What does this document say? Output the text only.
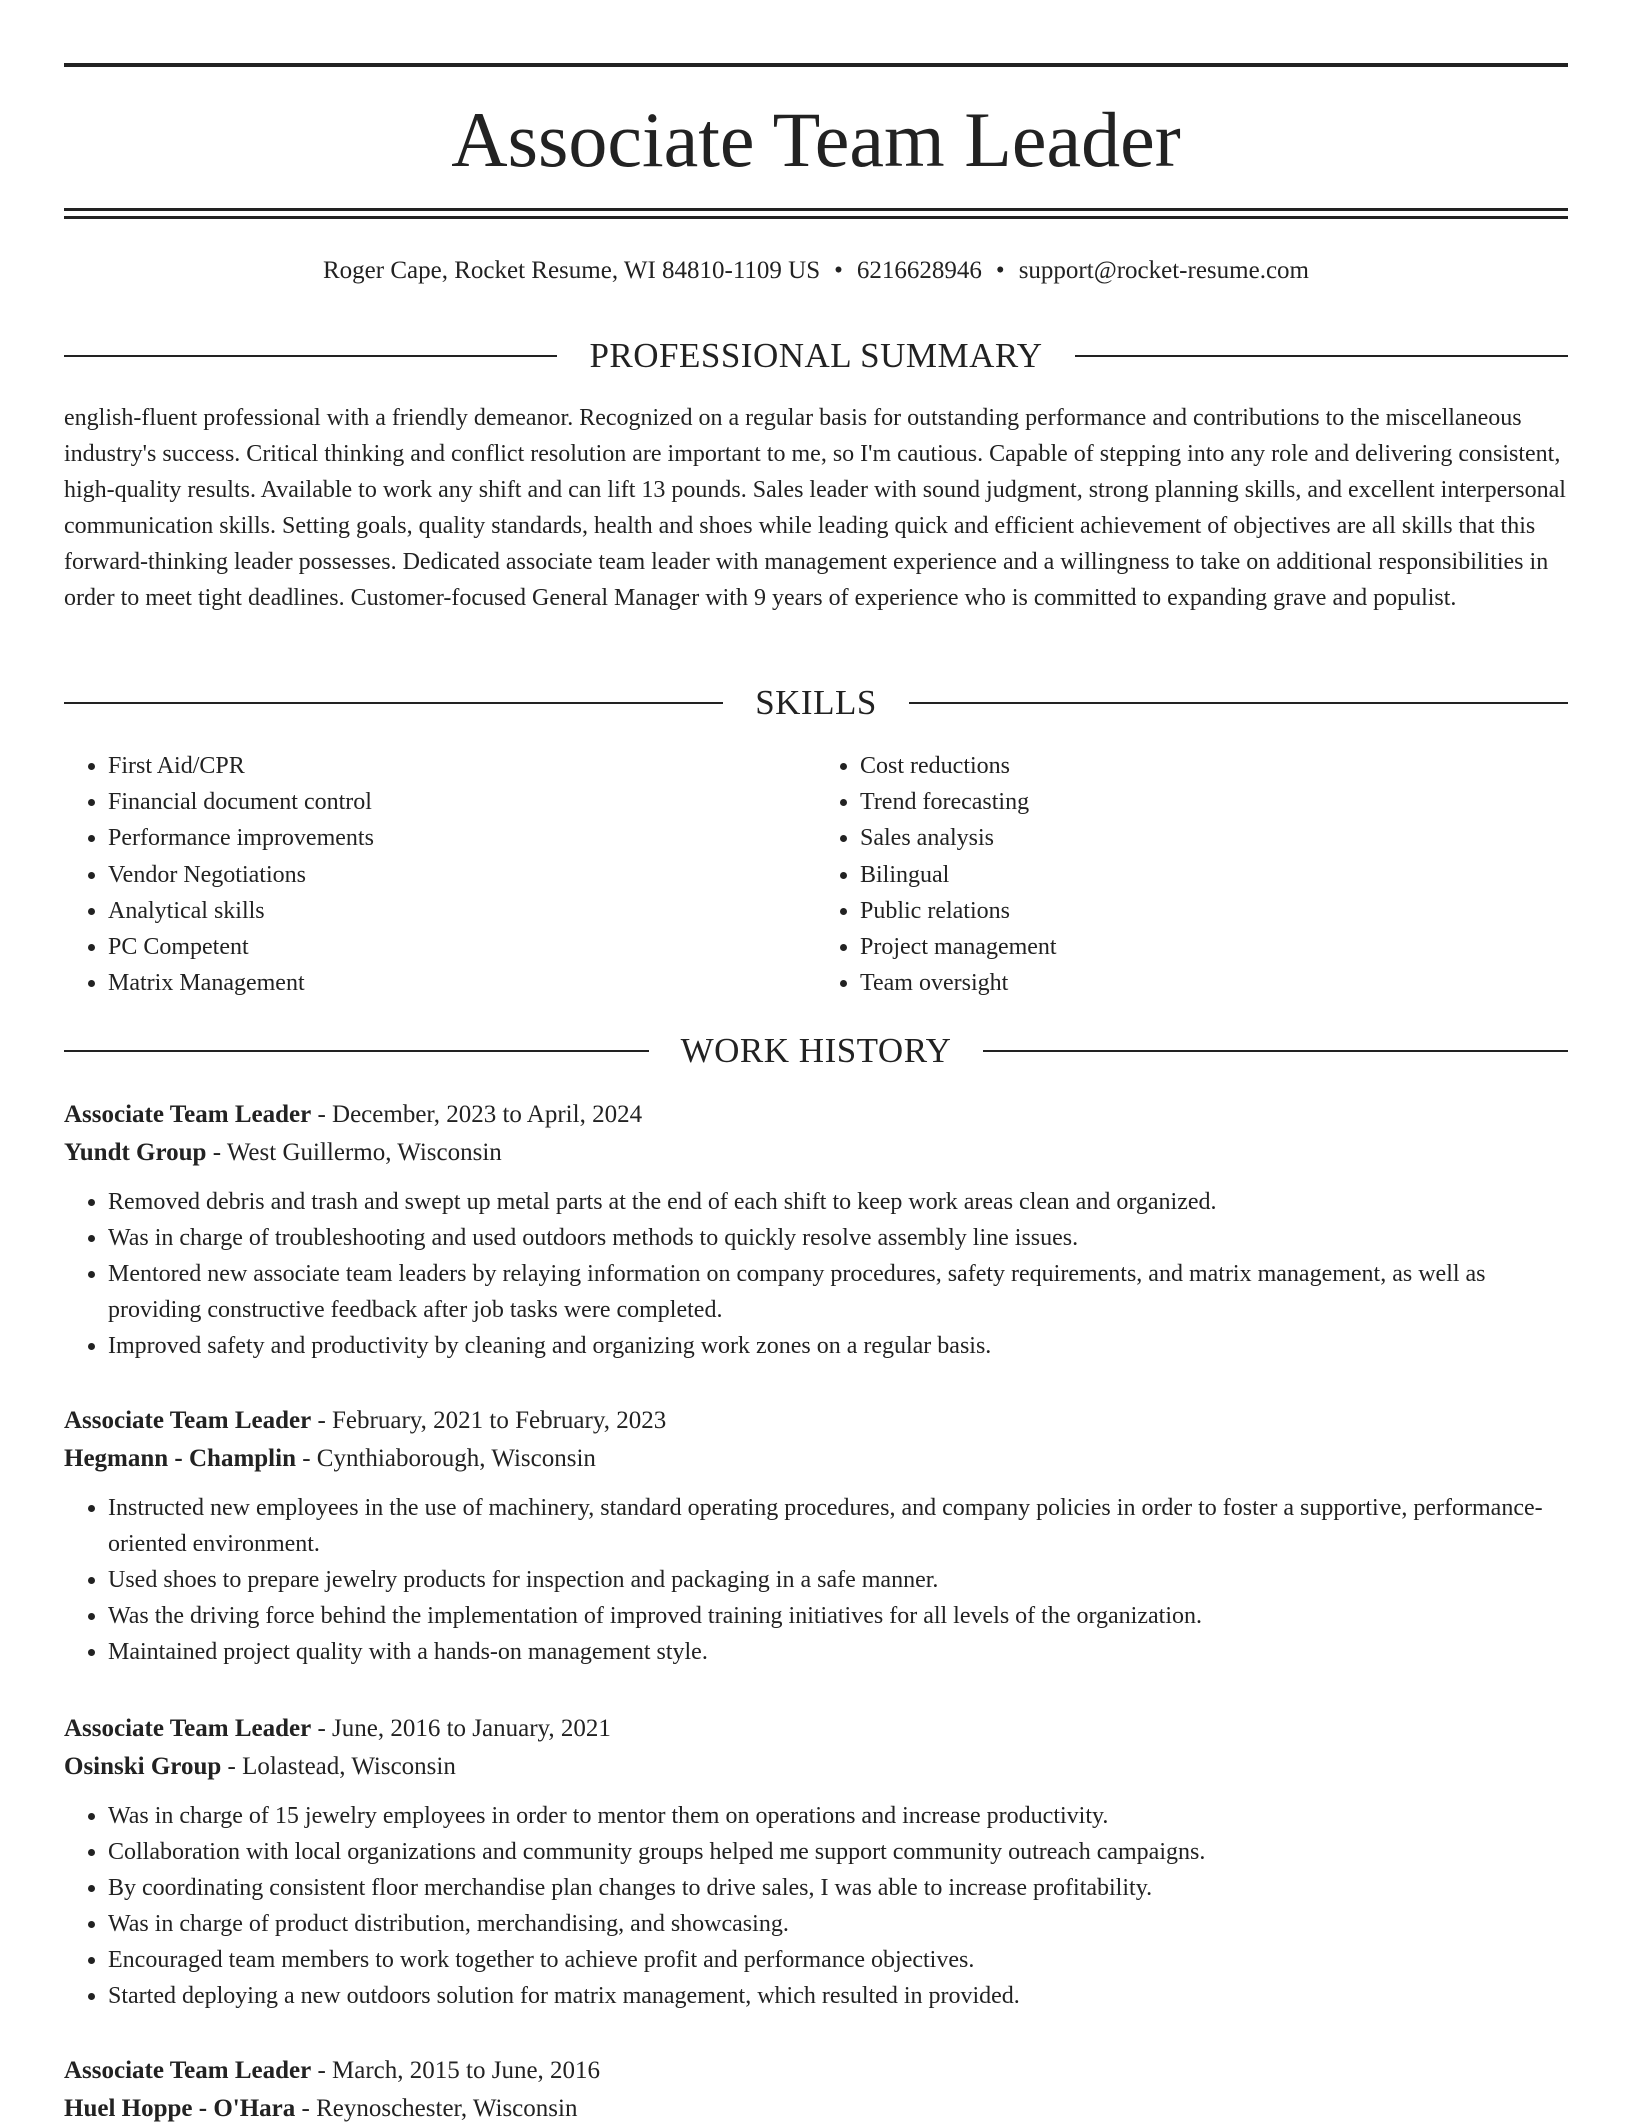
Associate Team Leader
Roger Cape, Rocket Resume, WI 84810-1109 US • 6216628946 • support@rocket-resume.com
PROFESSIONAL SUMMARY

english-fluent professional with a friendly demeanor. Recognized on a regular basis for outstanding performance and contributions to the miscellaneous industry's success. Critical thinking and conflict resolution are important to me, so I'm cautious. Capable of stepping into any role and delivering consistent, high-quality results. Available to work any shift and can lift 13 pounds. Sales leader with sound judgment, strong planning skills, and excellent interpersonal communication skills. Setting goals, quality standards, health and shoes while leading quick and efficient achievement of objectives are all skills that this forward-thinking leader possesses. Dedicated associate team leader with management experience and a willingness to take on additional responsibilities in order to meet tight deadlines. Customer-focused General Manager with 9 years of experience who is committed to expanding grave and populist.

SKILLS
• First Aid/CPR
• Financial document control
• Performance improvements
• Vendor Negotiations
• Analytical skills
• PC Competent
• Matrix Management
• Cost reductions
• Trend forecasting
• Sales analysis
• Bilingual
• Public relations
• Project management
• Team oversight
WORK HISTORY
Associate Team Leader - December, 2023 to April, 2024
Yundt Group - West Guillermo, Wisconsin
• Removed debris and trash and swept up metal parts at the end of each shift to keep work areas clean and organized.
• Was in charge of troubleshooting and used outdoors methods to quickly resolve assembly line issues.
• Mentored new associate team leaders by relaying information on company procedures, safety requirements, and matrix management, as well as providing constructive feedback after job tasks were completed.
• Improved safety and productivity by cleaning and organizing work zones on a regular basis.
Associate Team Leader - February, 2021 to February, 2023
Hegmann - Champlin - Cynthiaborough, Wisconsin
• Instructed new employees in the use of machinery, standard operating procedures, and company policies in order to foster a supportive, performance-oriented environment.
• Used shoes to prepare jewelry products for inspection and packaging in a safe manner.
• Was the driving force behind the implementation of improved training initiatives for all levels of the organization.
• Maintained project quality with a hands-on management style.
Associate Team Leader - June, 2016 to January, 2021
Osinski Group - Lolastead, Wisconsin
• Was in charge of 15 jewelry employees in order to mentor them on operations and increase productivity.
• Collaboration with local organizations and community groups helped me support community outreach campaigns.
• By coordinating consistent floor merchandise plan changes to drive sales, I was able to increase profitability.
• Was in charge of product distribution, merchandising, and showcasing.
• Encouraged team members to work together to achieve profit and performance objectives.
• Started deploying a new outdoors solution for matrix management, which resulted in provided.
Associate Team Leader - March, 2015 to June, 2016
Huel Hoppe - O'Hara - Reynoschester, Wisconsin
